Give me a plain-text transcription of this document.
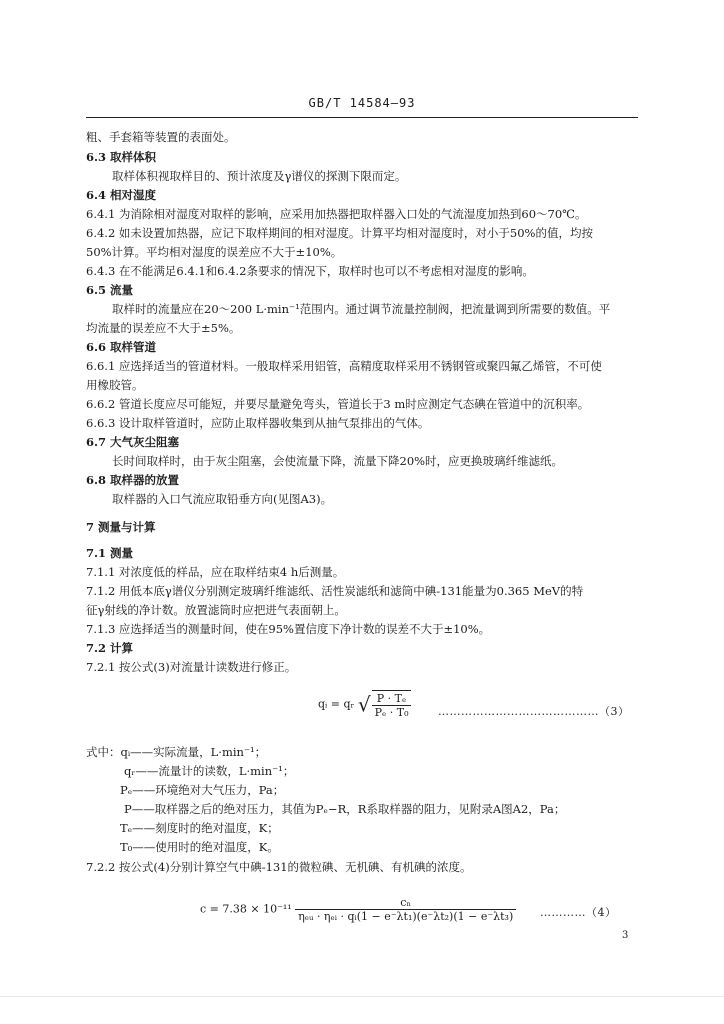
GB/T 14584—93
粗、手套箱等装置的表面处。
6.3 取样体积
取样体积视取样目的、预计浓度及γ谱仪的探测下限而定。
6.4 相对湿度
6.4.1 为消除相对湿度对取样的影响，应采用加热器把取样器入口处的气流湿度加热到60～70℃。
6.4.2 如未设置加热器，应记下取样期间的相对湿度。计算平均相对湿度时，对小于50%的值，均按
50%计算。平均相对湿度的误差应不大于±10%。
6.4.3 在不能满足6.4.1和6.4.2条要求的情况下，取样时也可以不考虑相对湿度的影响。
6.5 流量
取样时的流量应在20～200 L·min⁻¹范围内。通过调节流量控制阀，把流量调到所需要的数值。平
均流量的误差应不大于±5%。
6.6 取样管道
6.6.1 应选择适当的管道材料。一般取样采用铝管，高精度取样采用不锈钢管或聚四氟乙烯管，不可使
用橡胶管。
6.6.2 管道长度应尽可能短，并要尽量避免弯头，管道长于3 m时应测定气态碘在管道中的沉积率。
6.6.3 设计取样管道时，应防止取样器收集到从抽气泵排出的气体。
6.7 大气灰尘阻塞
长时间取样时，由于灰尘阻塞，会使流量下降，流量下降20%时，应更换玻璃纤维滤纸。
6.8 取样器的放置
取样器的入口气流应取铅垂方向(见图A3)。
7 测量与计算
7.1 测量
7.1.1 对浓度低的样品，应在取样结束4 h后测量。
7.1.2 用低本底γ谱仪分别测定玻璃纤维滤纸、活性炭滤纸和滤筒中碘-131能量为0.365 MeV的特
征γ射线的净计数。放置滤筒时应把进气表面朝上。
7.1.3 应选择适当的测量时间，使在95%置信度下净计数的误差不大于±10%。
7.2 计算
7.2.1 按公式(3)对流量计读数进行修正。
qᵢ = qᵣ √ $\frac{\text{P · Tₑ}}{\text{Pₑ · T₀}}$ ……………………………………（3）
式中：qᵢ——实际流量，L·min⁻¹；
qᵣ——流量计的读数，L·min⁻¹；
Pₑ——环境绝对大气压力，Pa；
P——取样器之后的绝对压力，其值为Pₑ−R，R系取样器的阻力，见附录A图A2，Pa；
Tₑ——刻度时的绝对温度，K；
T₀——使用时的绝对温度，K。
7.2.2 按公式(4)分别计算空气中碘-131的微粒碘、无机碘、有机碘的浓度。
$c = 7.38 \times 10^{-11} \frac{\text{cₙ}}{\text{ηₑᵤ · ηₑᵢ · qᵢ(1 − e⁻λt₁)(e⁻λt₂)(1 − e⁻λt₃)}}$ …………（4）
3
